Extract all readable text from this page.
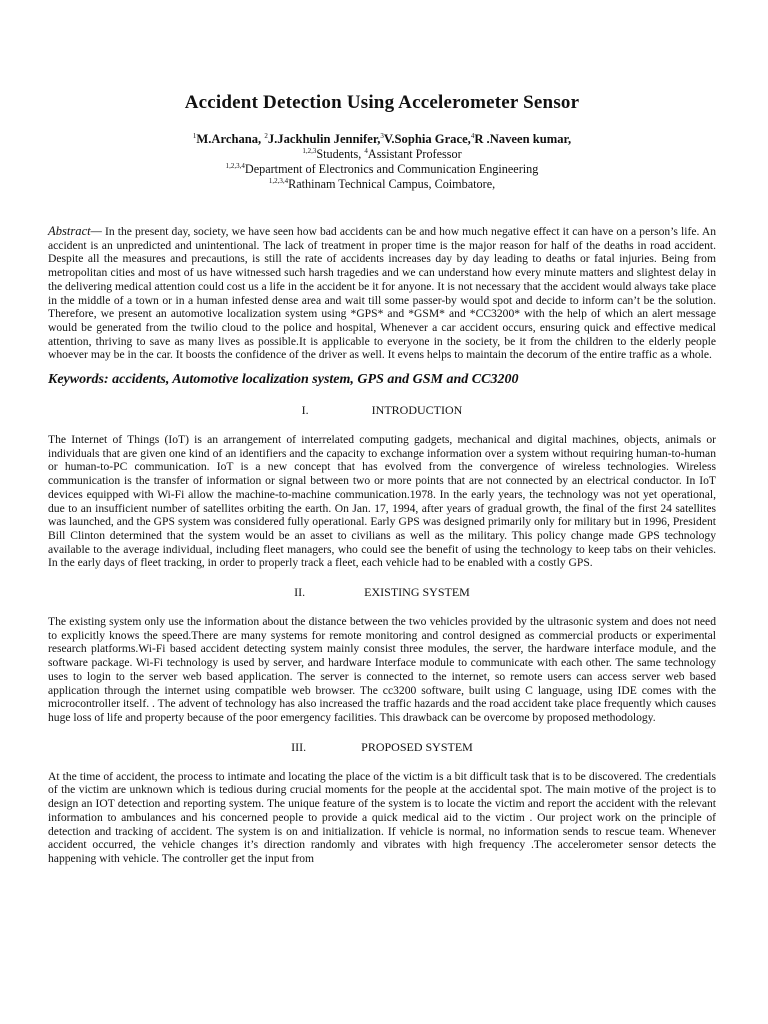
Accident Detection Using Accelerometer Sensor
$^1$M.Archana, $^2$J.Jackhulin Jennifer,$^3$V.Sophia Grace,$^4$R .Naveen kumar,
$^{1,2,3}$Students, $^4$Assistant Professor
$^{1,2,3,4}$Department of Electronics and Communication Engineering
$^{1,2,3,4}$Rathinam Technical Campus, Coimbatore,

Abstract— In the present day, society, we have seen how bad accidents can be and how much negative effect it can have on a person’s life. An accident is an unpredicted and unintentional. The lack of treatment in proper time is the major reason for half of the deaths in road accident. Despite all the measures and precautions, is still the rate of accidents increases day by day leading to deaths or fatal injuries. Being from metropolitan cities and most of us have witnessed such harsh tragedies and we can understand how every minute matters and slightest delay in the delivering medical attention could cost us a life in the accident be it for anyone. It is not necessary that the accident would always take place in the middle of a town or in a human infested dense area and wait till some passer-by would spot and decide to inform can’t be the solution. Therefore, we present an automotive localization system using *GPS* and *GSM* and *CC3200* with the help of which an alert message would be generated from the twilio cloud to the police and hospital, Whenever a car accident occurs, ensuring quick and effective medical attention, thriving to save as many lives as possible.It is applicable to everyone in the society, be it from the children to the elderly people whoever may be in the car. It boosts the confidence of the driver as well. It evens helps to maintain the decorum of the entire traffic as a whole.

Keywords: accidents, Automotive localization system, GPS and GSM and CC3200

I.	INTRODUCTION

The Internet of Things (IoT) is an arrangement of interrelated computing gadgets, mechanical and digital machines, objects, animals or individuals that are given one kind of an identifiers and the capacity to exchange information over a system without requiring human-to-human or human-to-PC communication. IoT is a new concept that has evolved from the convergence of wireless technologies. Wireless communication is the transfer of information or signal between two or more points that are not connected by an electrical conductor. In IoT devices equipped with Wi-Fi allow the machine-to-machine communication.1978. In the early years, the technology was not yet operational, due to an insufficient number of satellites orbiting the earth. On Jan. 17, 1994, after years of gradual growth, the final of the first 24 satellites was launched, and the GPS system was considered fully operational. Early GPS was designed primarily only for military but in 1996, President Bill Clinton determined that the system would be an asset to civilians as well as the military. This policy change made GPS technology available to the average individual, including fleet managers, who could see the benefit of using the technology to keep tabs on their vehicles. In the early days of fleet tracking, in order to properly track a fleet, each vehicle had to be enabled with a costly GPS.

II.	EXISTING SYSTEM

The existing system only use the information about the distance between the two vehicles provided by the ultrasonic system and does not need to explicitly knows the speed.There are many systems for remote monitoring and control designed as commercial products or experimental research platforms.Wi-Fi based accident detecting system mainly consist three modules, the server, the hardware interface module, and the software package. Wi-Fi technology is used by server, and hardware Interface module to communicate with each other. The same technology uses to login to the server web based application. The server is connected to the internet, so remote users can access server web based application through the internet using compatible web browser. The cc3200 software, built using C language, using IDE comes with the microcontroller itself. . The advent of technology has also increased the traffic hazards and the road accident take place frequently which causes huge loss of life and property because of the poor emergency facilities. This drawback can be overcome by proposed methodology.

III.	PROPOSED SYSTEM

At the time of accident, the process to intimate and locating the place of the victim is a bit difficult task that is to be discovered. The credentials of the victim are unknown which is tedious during crucial moments for the people at the accidental spot. The main motive of the project is to design an IOT detection and reporting system. The unique feature of the system is to locate the victim and report the accident with the relevant information to ambulances and his concerned people to provide a quick medical aid to the victim . Our project work on the principle of detection and tracking of accident. The system is on and initialization. If vehicle is normal, no information sends to rescue team. Whenever accident occurred, the vehicle changes it’s direction randomly and vibrates with high frequency .The accelerometer sensor detects the happening with vehicle. The controller get the input from
